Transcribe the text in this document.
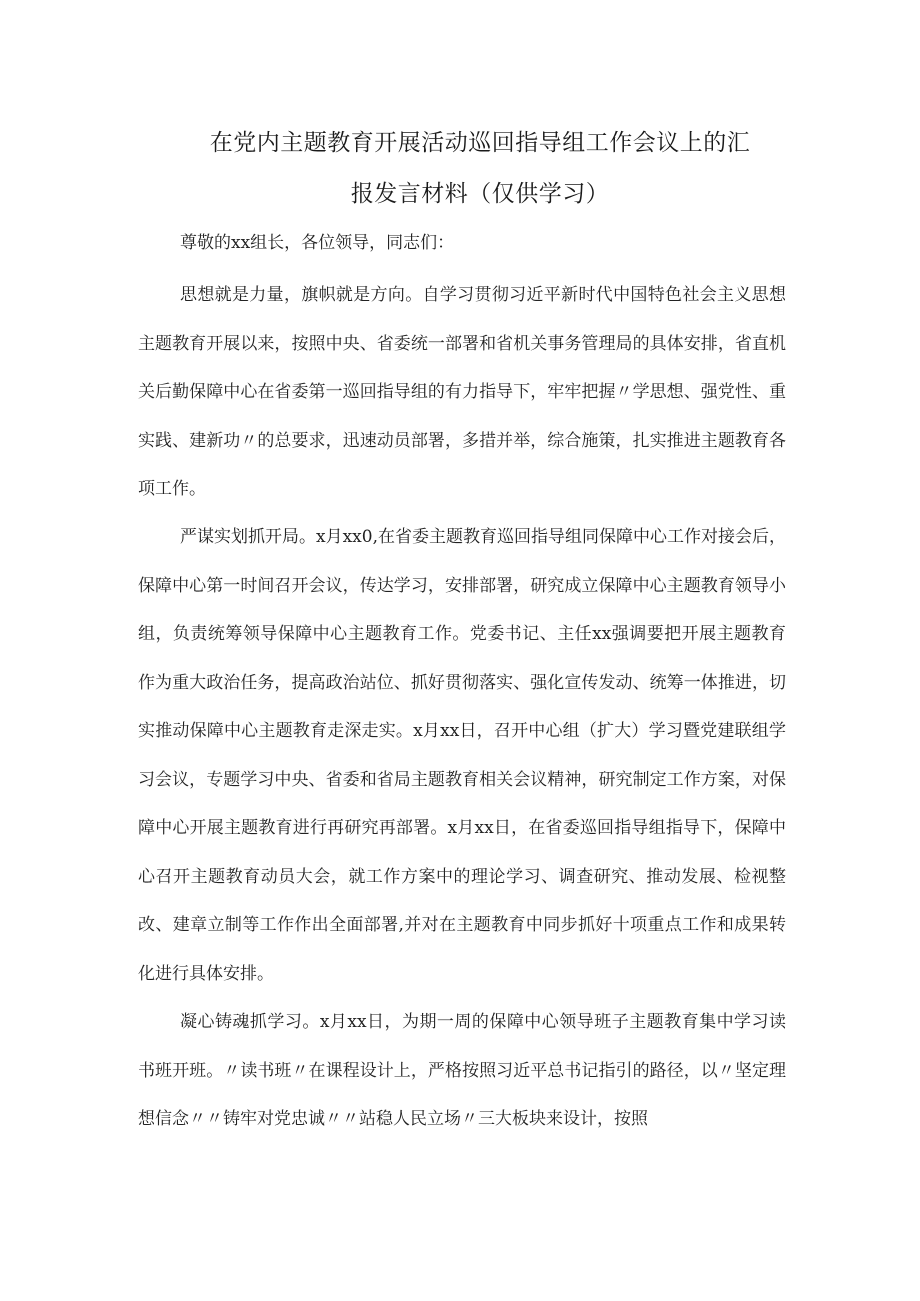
在党内主题教育开展活动巡回指导组工作会议上的汇
报发言材料（仅供学习）

尊敬的xx组长，各位领导，同志们：

思想就是力量，旗帜就是方向。自学习贯彻习近平新时代中国特色社会主义思想主题教育开展以来，按照中央、省委统一部署和省机关事务管理局的具体安排，省直机关后勤保障中心在省委第一巡回指导组的有力指导下，牢牢把握〃学思想、强党性、重实践、建新功〃的总要求，迅速动员部署，多措并举，综合施策，扎实推进主题教育各项工作。

严谋实划抓开局。x月xx0,在省委主题教育巡回指导组同保障中心工作对接会后，保障中心第一时间召开会议，传达学习，安排部署，研究成立保障中心主题教育领导小组，负责统筹领导保障中心主题教育工作。党委书记、主任xx强调要把开展主题教育作为重大政治任务，提高政治站位、抓好贯彻落实、强化宣传发动、统筹一体推进，切实推动保障中心主题教育走深走实。x月xx日，召开中心组（扩大）学习暨党建联组学习会议，专题学习中央、省委和省局主题教育相关会议精神，研究制定工作方案，对保障中心开展主题教育进行再研究再部署。x月xx日，在省委巡回指导组指导下，保障中心召开主题教育动员大会，就工作方案中的理论学习、调查研究、推动发展、检视整改、建章立制等工作作出全面部署,并对在主题教育中同步抓好十项重点工作和成果转化进行具体安排。

凝心铸魂抓学习。x月xx日，为期一周的保障中心领导班子主题教育集中学习读书班开班。〃读书班〃在课程设计上，严格按照习近平总书记指引的路径，以〃坚定理想信念〃〃铸牢对党忠诚〃〃站稳人民立场〃三大板块来设计，按照
